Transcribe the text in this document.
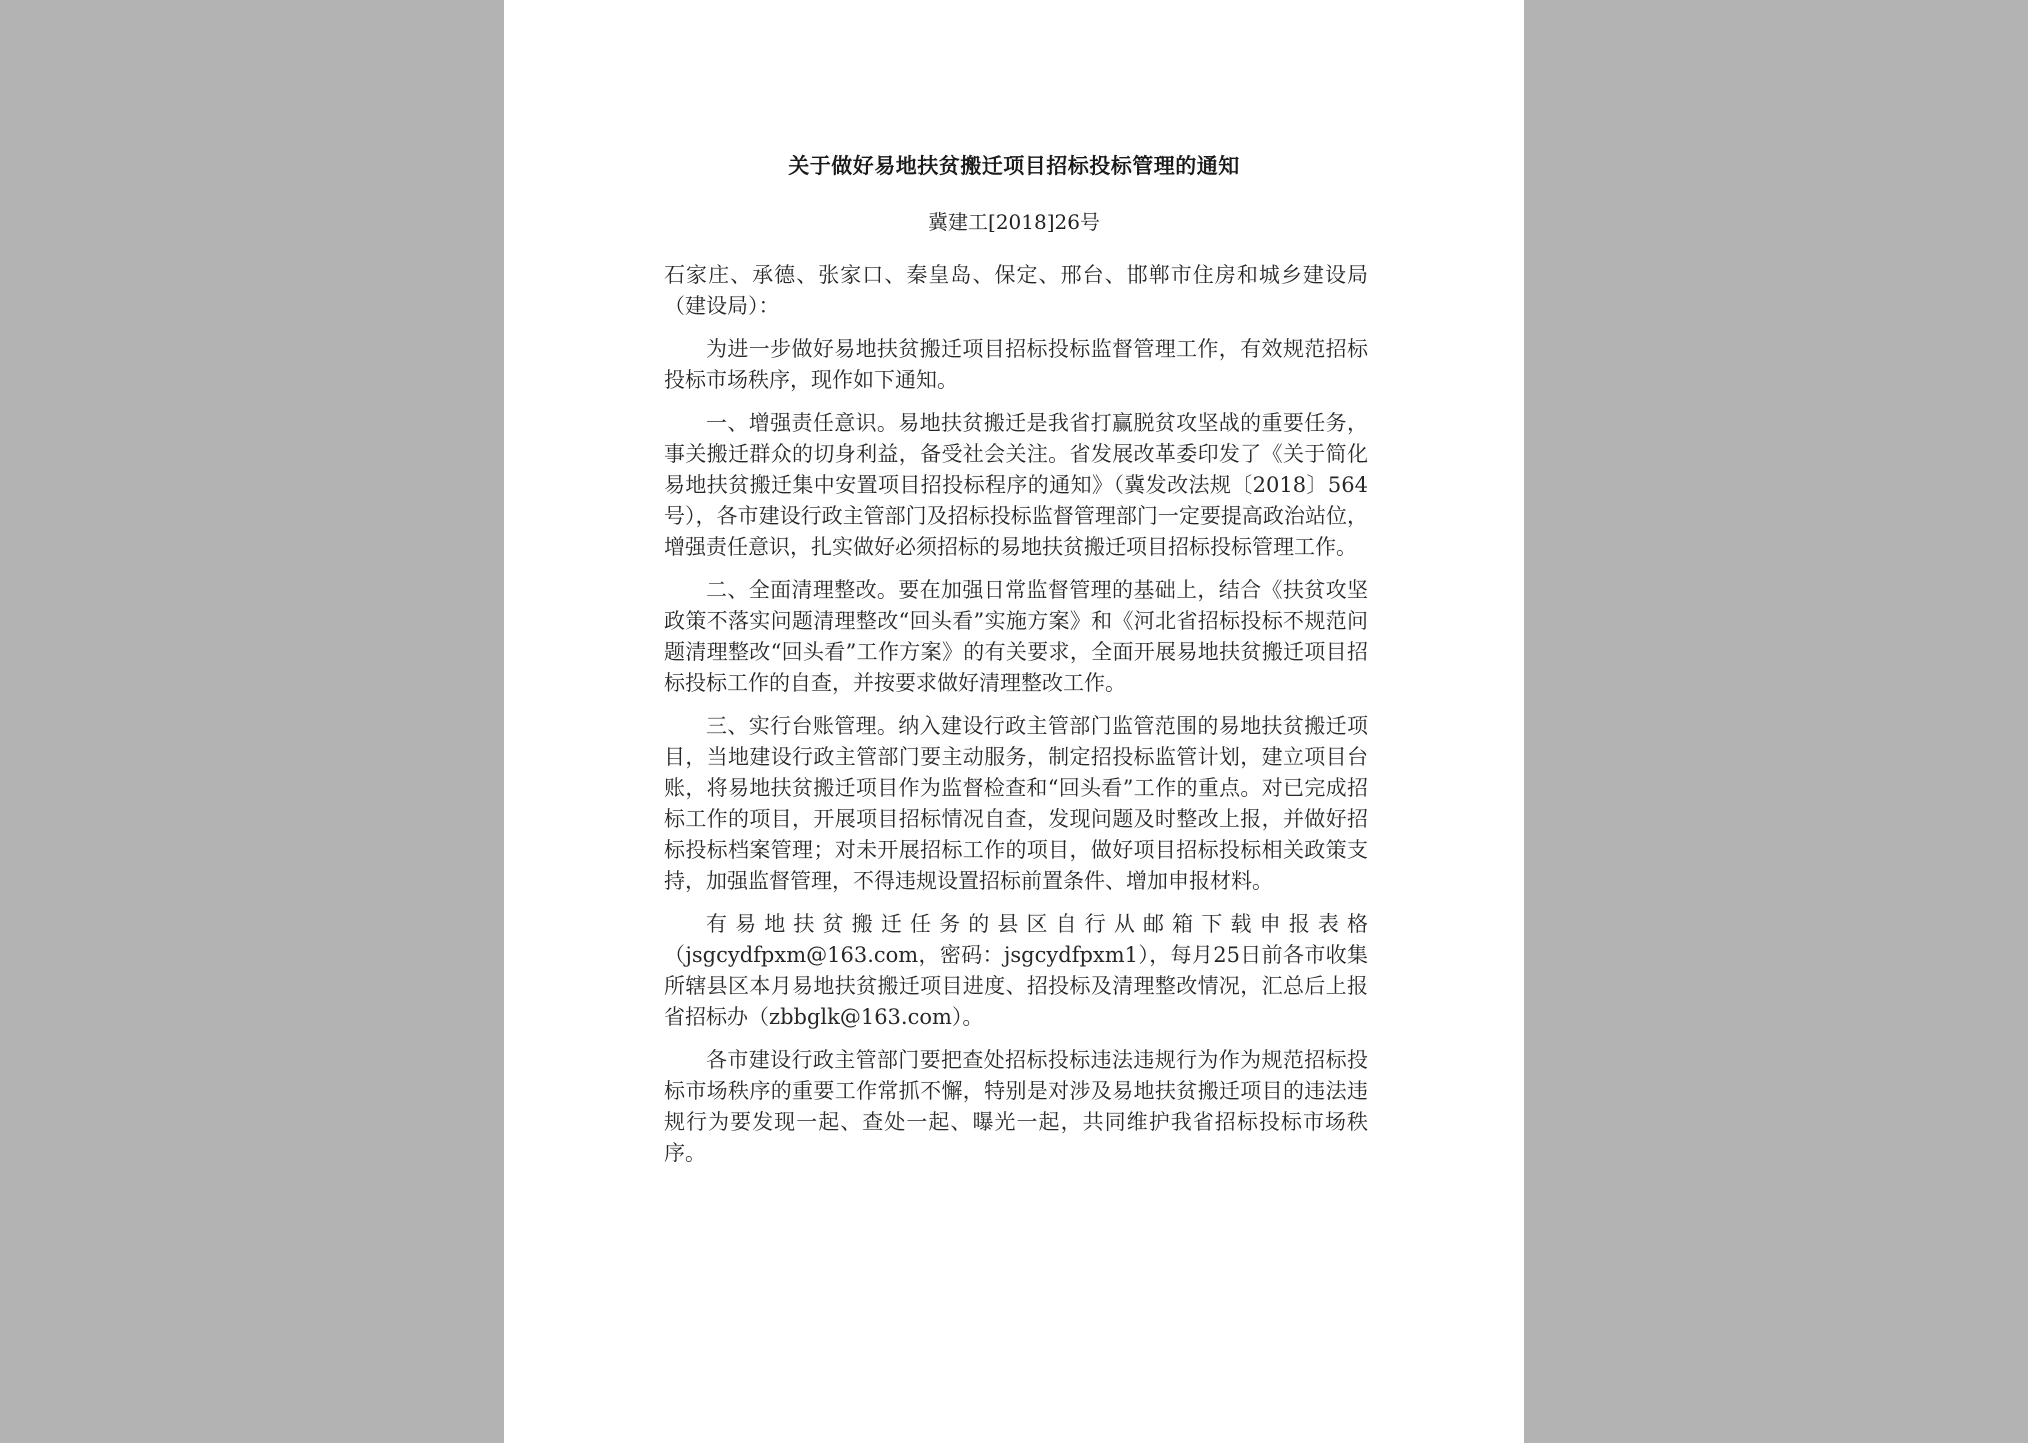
关于做好易地扶贫搬迁项目招标投标管理的通知
冀建工[2018]26号

石家庄、承德、张家口、秦皇岛、保定、邢台、邯郸市住房和城乡建设局（建设局）：

为进一步做好易地扶贫搬迁项目招标投标监督管理工作，有效规范招标投标市场秩序，现作如下通知。

一、增强责任意识。易地扶贫搬迁是我省打赢脱贫攻坚战的重要任务，事关搬迁群众的切身利益，备受社会关注。省发展改革委印发了《关于简化易地扶贫搬迁集中安置项目招投标程序的通知》（冀发改法规〔2018〕564号），各市建设行政主管部门及招标投标监督管理部门一定要提高政治站位，增强责任意识，扎实做好必须招标的易地扶贫搬迁项目招标投标管理工作。

二、全面清理整改。要在加强日常监督管理的基础上，结合《扶贫攻坚政策不落实问题清理整改“回头看”实施方案》和《河北省招标投标不规范问题清理整改“回头看”工作方案》的有关要求，全面开展易地扶贫搬迁项目招标投标工作的自查，并按要求做好清理整改工作。

三、实行台账管理。纳入建设行政主管部门监管范围的易地扶贫搬迁项目，当地建设行政主管部门要主动服务，制定招投标监管计划，建立项目台账，将易地扶贫搬迁项目作为监督检查和“回头看”工作的重点。对已完成招标工作的项目，开展项目招标情况自查，发现问题及时整改上报，并做好招标投标档案管理；对未开展招标工作的项目，做好项目招标投标相关政策支持，加强监督管理，不得违规设置招标前置条件、增加申报材料。

有易地扶贫搬迁任务的县区自行从邮箱下载申报表格（jsgcydfpxm@163.com，密码：jsgcydfpxm1），每月25日前各市收集所辖县区本月易地扶贫搬迁项目进度、招投标及清理整改情况，汇总后上报省招标办（zbbglk@163.com）。

各市建设行政主管部门要把查处招标投标违法违规行为作为规范招标投标市场秩序的重要工作常抓不懈，特别是对涉及易地扶贫搬迁项目的违法违规行为要发现一起、查处一起、曝光一起，共同维护我省招标投标市场秩序。
